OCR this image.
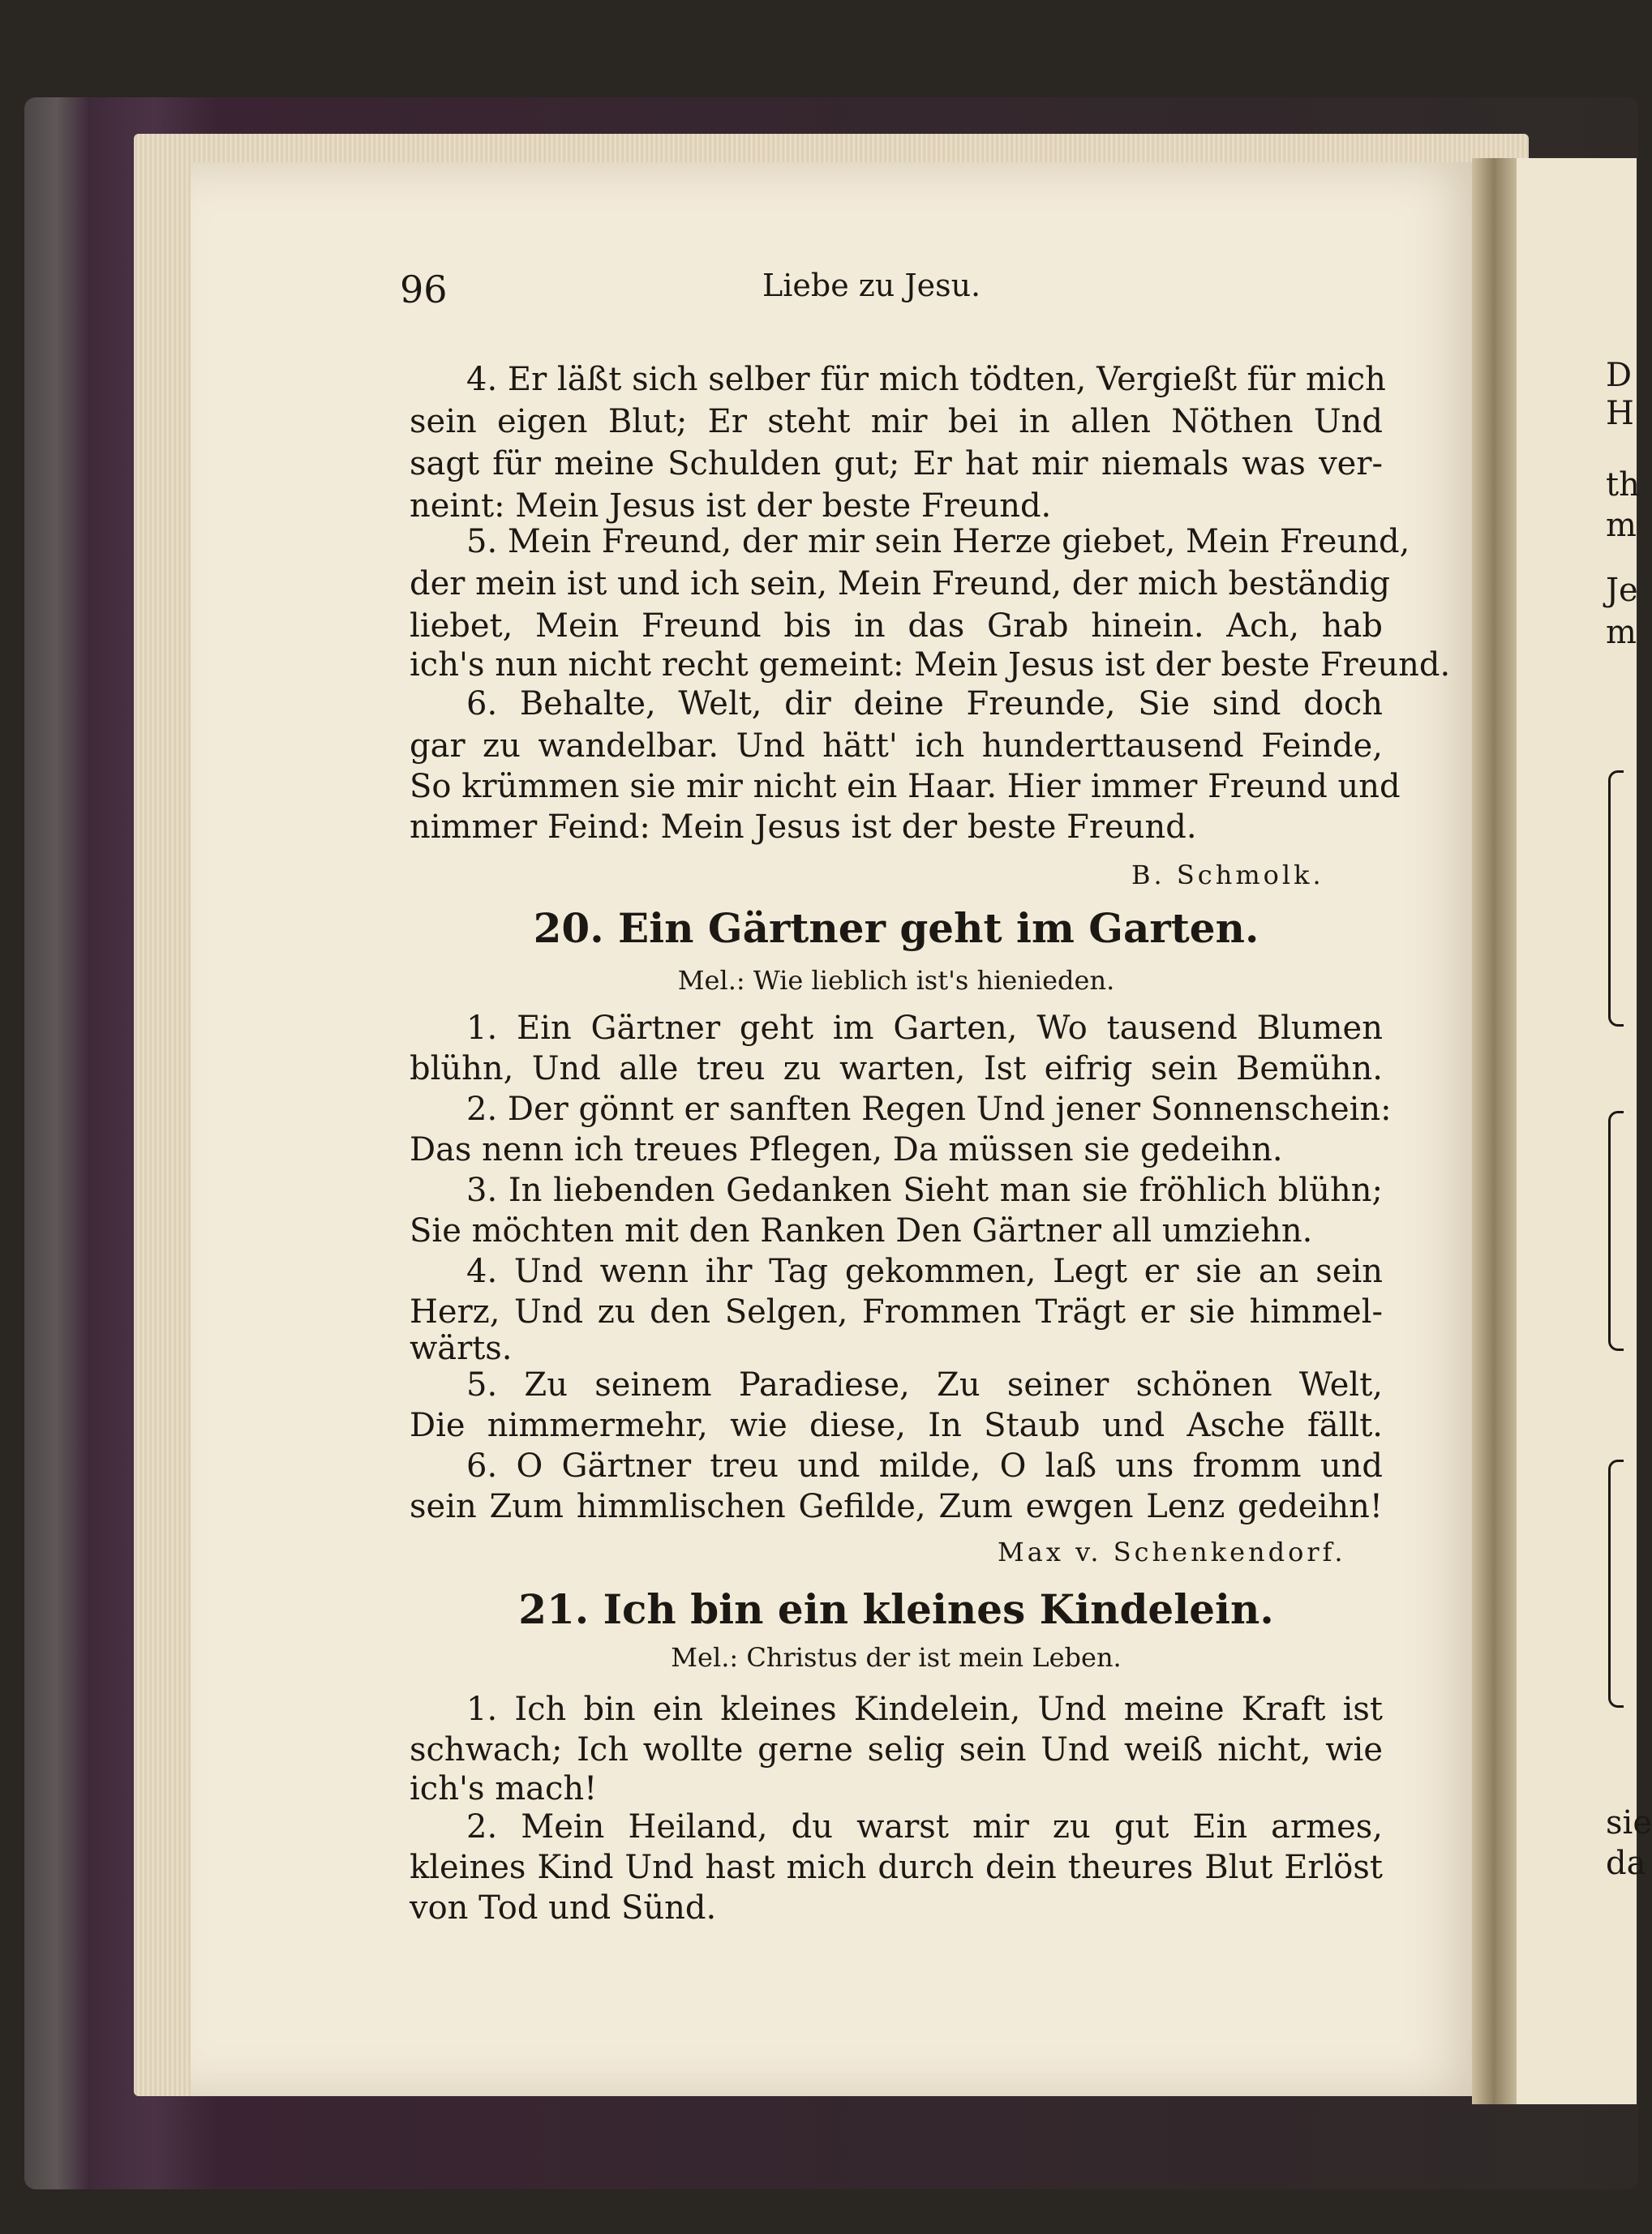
96	Liebe zu Jesu.
4. Er läßt sich selber für mich tödten, Vergießt für mich
sein eigen Blut; Er steht mir bei in allen Nöthen Und
sagt für meine Schulden gut; Er hat mir niemals was ver-
neint: Mein Jesus ist der beste Freund.
5. Mein Freund, der mir sein Herze giebet, Mein Freund,
der mein ist und ich sein, Mein Freund, der mich beständig
liebet, Mein Freund bis in das Grab hinein. Ach, hab
ich's nun nicht recht gemeint: Mein Jesus ist der beste Freund.
6. Behalte, Welt, dir deine Freunde, Sie sind doch
gar zu wandelbar. Und hätt' ich hunderttausend Feinde,
So krümmen sie mir nicht ein Haar. Hier immer Freund und
nimmer Feind: Mein Jesus ist der beste Freund.
B. Schmolk.
20. Ein Gärtner geht im Garten.
Mel.: Wie lieblich ist's hienieden.
1. Ein Gärtner geht im Garten, Wo tausend Blumen
blühn, Und alle treu zu warten, Ist eifrig sein Bemühn.
2. Der gönnt er sanften Regen Und jener Sonnenschein:
Das nenn ich treues Pflegen, Da müssen sie gedeihn.
3. In liebenden Gedanken Sieht man sie fröhlich blühn;
Sie möchten mit den Ranken Den Gärtner all umziehn.
4. Und wenn ihr Tag gekommen, Legt er sie an sein
Herz, Und zu den Selgen, Frommen Trägt er sie himmel-
wärts.
5. Zu seinem Paradiese, Zu seiner schönen Welt,
Die nimmermehr, wie diese, In Staub und Asche fällt.
6. O Gärtner treu und milde, O laß uns fromm und
sein Zum himmlischen Gefilde, Zum ewgen Lenz gedeihn!
Max v. Schenkendorf.
21. Ich bin ein kleines Kindelein.
Mel.: Christus der ist mein Leben.
1. Ich bin ein kleines Kindelein, Und meine Kraft ist
schwach; Ich wollte gerne selig sein Und weiß nicht, wie
ich's mach!
2. Mein Heiland, du warst mir zu gut Ein armes,
kleines Kind Und hast mich durch dein theures Blut Erlöst
von Tod und Sünd.
D
H
th
m
Je
m
sie
da
